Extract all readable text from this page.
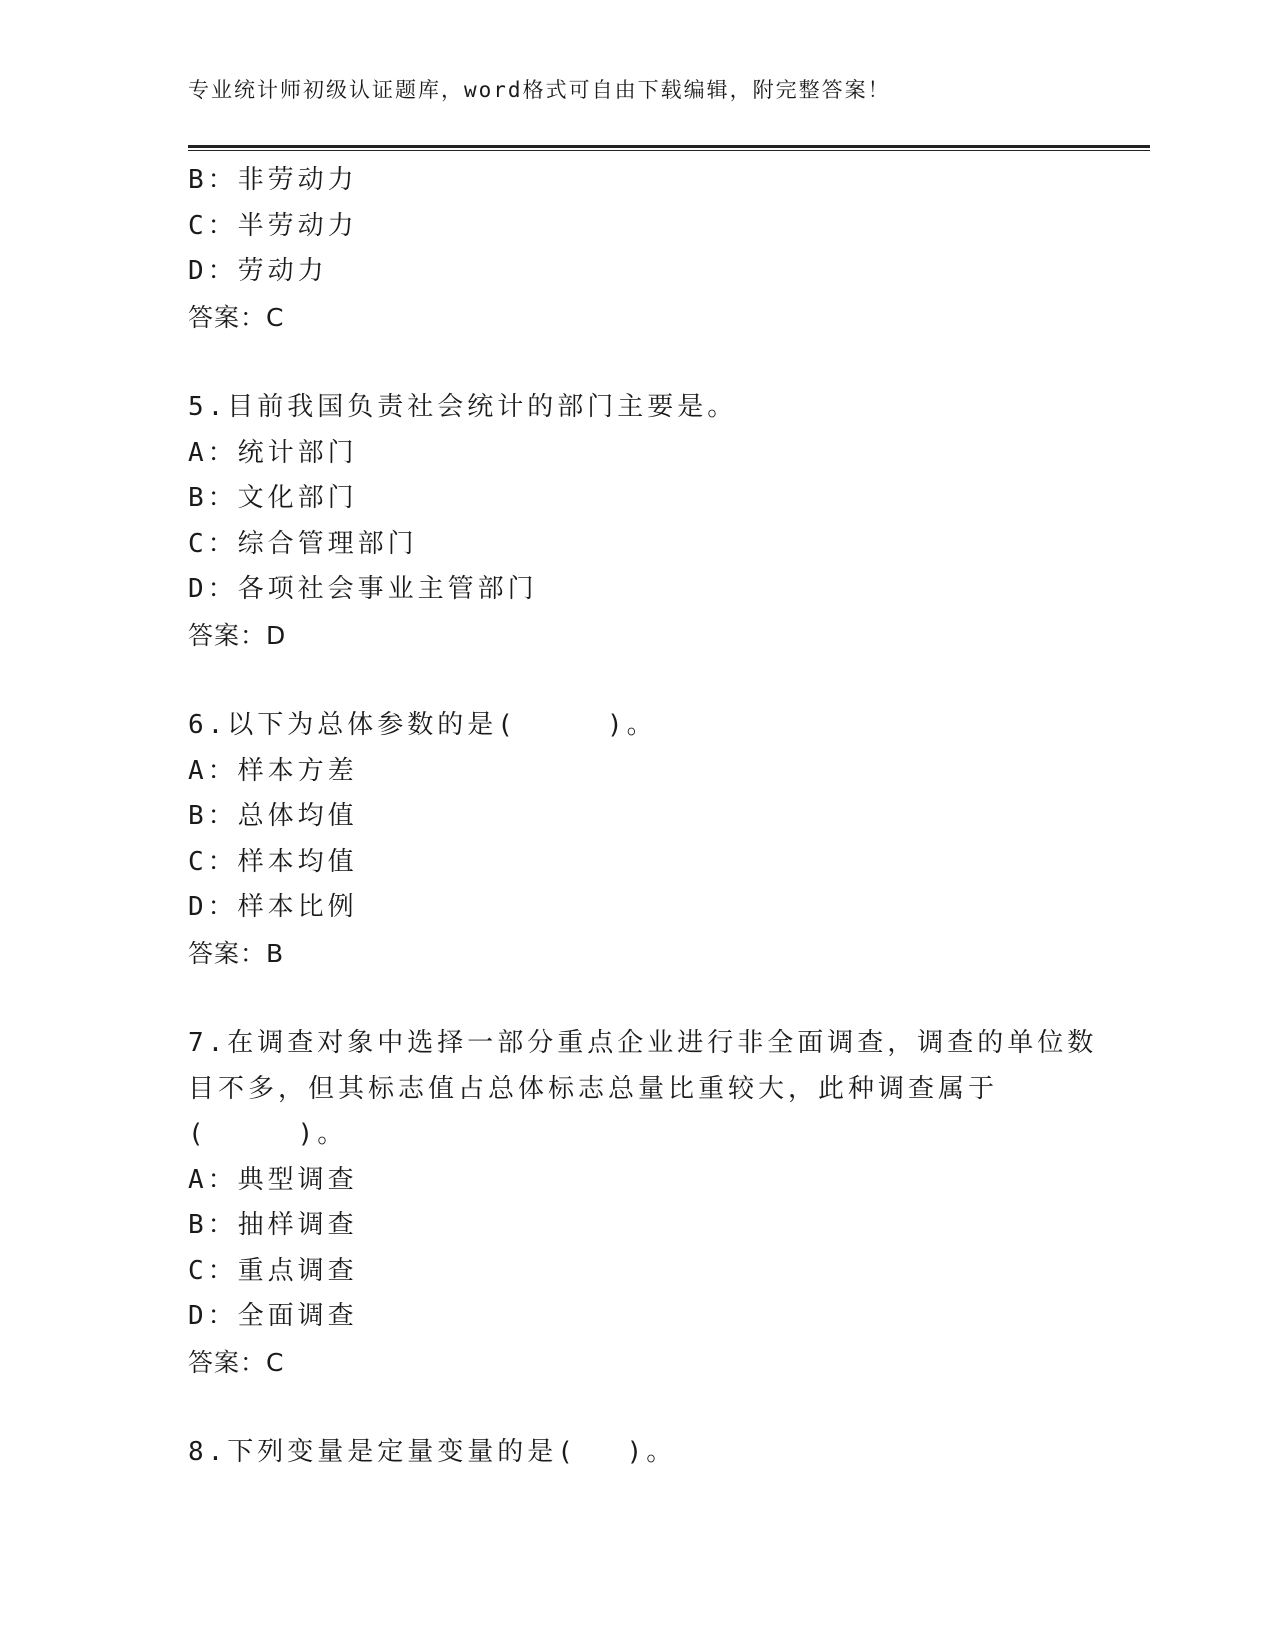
专业统计师初级认证题库，word格式可自由下载编辑，附完整答案！
B：非劳动力
C：半劳动力
D：劳动力
答案：C
5.目前我国负责社会统计的部门主要是。
A：统计部门
B：文化部门
C：综合管理部门
D：各项社会事业主管部门
答案：D
6.以下为总体参数的是(　　　)。
A：样本方差
B：总体均值
C：样本均值
D：样本比例
答案：B
7.在调查对象中选择一部分重点企业进行非全面调查，调查的单位数
目不多，但其标志值占总体标志总量比重较大，此种调查属于
(　　　)。
A：典型调查
B：抽样调查
C：重点调查
D：全面调查
答案：C
8.下列变量是定量变量的是(　 )。
